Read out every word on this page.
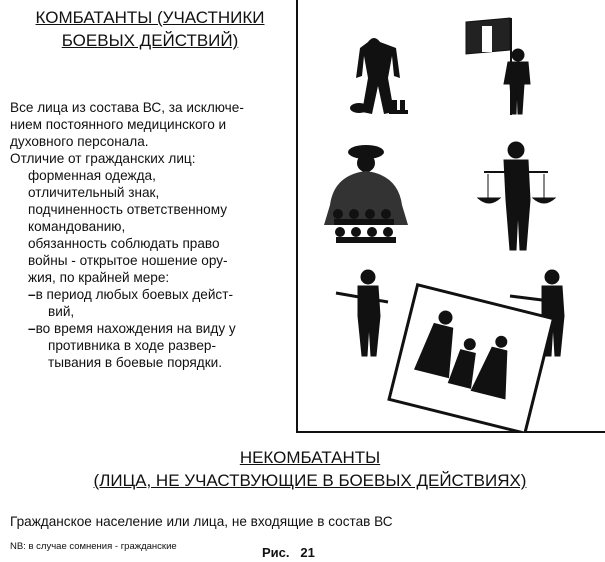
КОМБАТАНТЫ (УЧАСТНИКИ
БОЕВЫХ ДЕЙСТВИЙ)
Все лица из состава ВС, за исключе-
нием постоянного медицинского и
духовного персонала.
Отличие от гражданских лиц:
форменная одежда,
отличительный знак,
подчиненность ответственному
командованию,
обязанность соблюдать право
войны - открытое ношение ору-
жия, по крайней мере:
–в период любых боевых дейст-
вий,
–во время нахождения на виду у
противника в ходе развер-
тывания в боевые порядки.
НЕКОМБАТАНТЫ
(ЛИЦА, НЕ УЧАСТВУЮЩИЕ В БОЕВЫХ ДЕЙСТВИЯХ)
Гражданское население или лица, не входящие в состав ВС
NB: в случае сомнения - гражданские	Рис.   21
